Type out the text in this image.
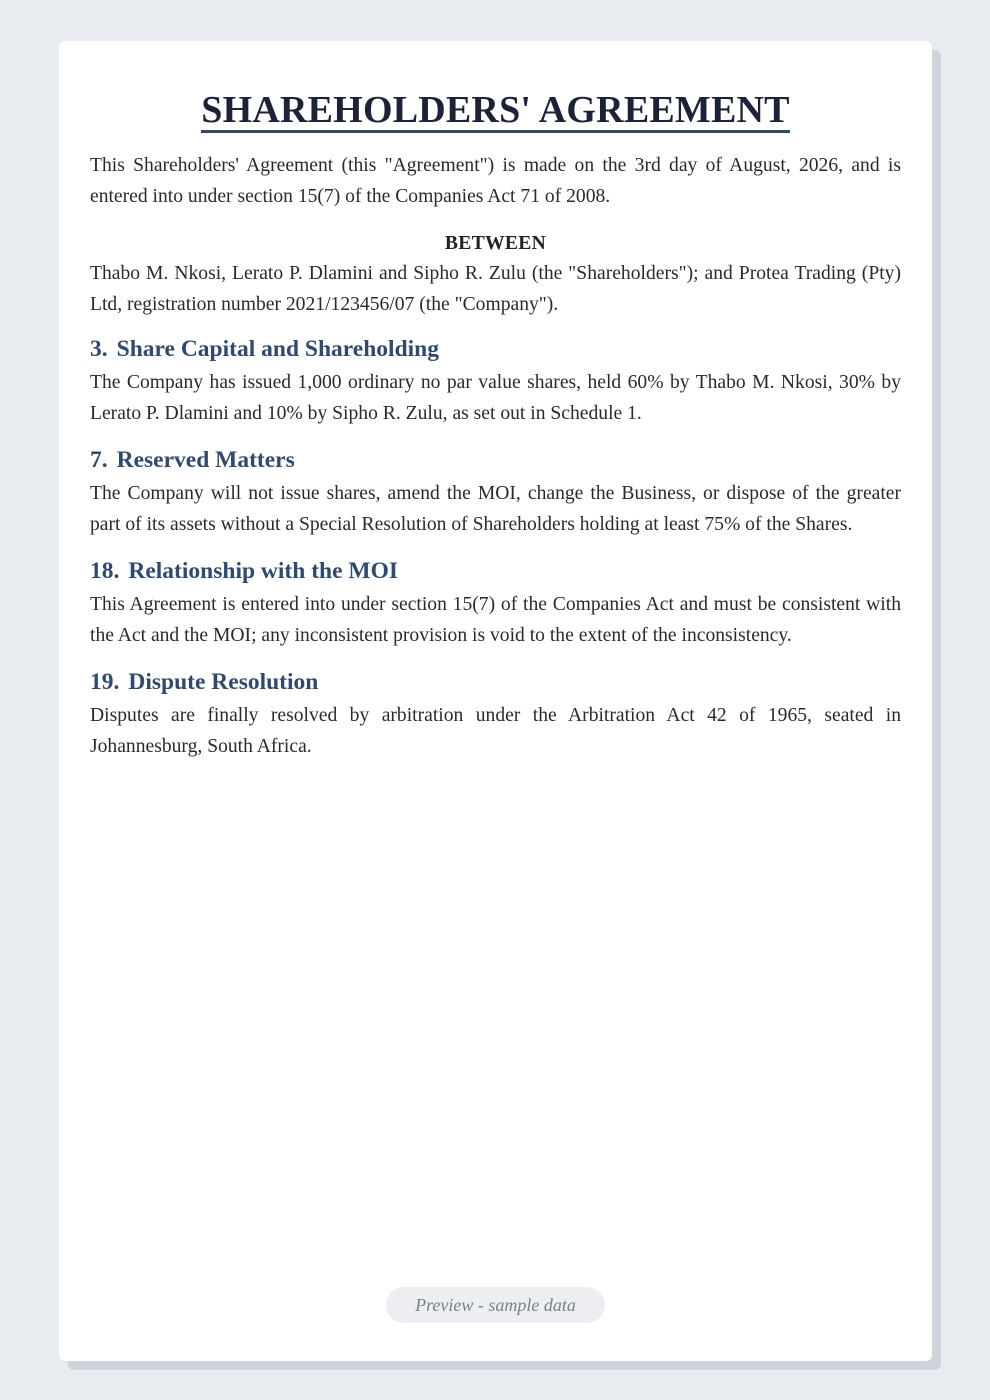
SHAREHOLDERS' AGREEMENT

This Shareholders' Agreement (this "Agreement") is made on the 3rd day of August, 2026, and is entered into under section 15(7) of the Companies Act 71 of 2008.

BETWEEN

Thabo M. Nkosi, Lerato P. Dlamini and Sipho R. Zulu (the "Shareholders"); and Protea Trading (Pty) Ltd, registration number 2021/123456/07 (the "Company").

3. Share Capital and Shareholding

The Company has issued 1,000 ordinary no par value shares, held 60% by Thabo M. Nkosi, 30% by Lerato P. Dlamini and 10% by Sipho R. Zulu, as set out in Schedule 1.

7. Reserved Matters

The Company will not issue shares, amend the MOI, change the Business, or dispose of the greater part of its assets without a Special Resolution of Shareholders holding at least 75% of the Shares.

18. Relationship with the MOI

This Agreement is entered into under section 15(7) of the Companies Act and must be consistent with the Act and the MOI; any inconsistent provision is void to the extent of the inconsistency.

19. Dispute Resolution

Disputes are finally resolved by arbitration under the Arbitration Act 42 of 1965, seated in Johannesburg, South Africa.

Preview - sample data
